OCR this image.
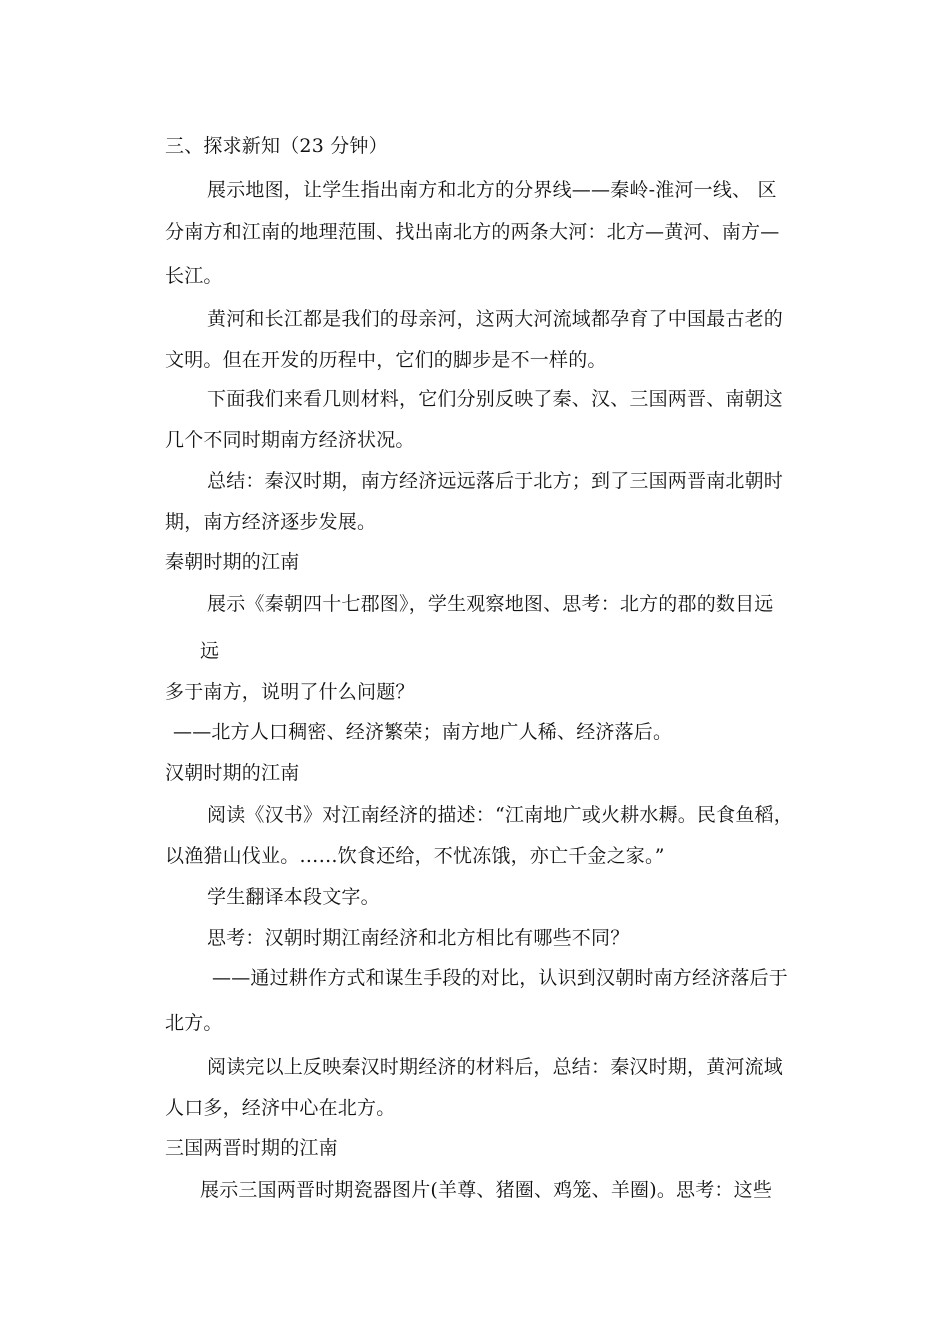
三、探求新知（23 分钟）
展示地图，让学生指出南方和北方的分界线——秦岭-淮河一线、 区
分南方和江南的地理范围、找出南北方的两条大河：北方—黄河、南方—
长江。
黄河和长江都是我们的母亲河，这两大河流域都孕育了中国最古老的
文明。但在开发的历程中，它们的脚步是不一样的。
下面我们来看几则材料，它们分别反映了秦、汉、三国两晋、南朝这
几个不同时期南方经济状况。
总结：秦汉时期，南方经济远远落后于北方；到了三国两晋南北朝时
期，南方经济逐步发展。
秦朝时期的江南
展示《秦朝四十七郡图》，学生观察地图、思考：北方的郡的数目远
远
多于南方，说明了什么问题？
——北方人口稠密、经济繁荣；南方地广人稀、经济落后。
汉朝时期的江南
阅读《汉书》对江南经济的描述：“江南地广或火耕水耨。民食鱼稻，
以渔猎山伐业。……饮食还给，不忧冻饿，亦亡千金之家。”
学生翻译本段文字。
思考：汉朝时期江南经济和北方相比有哪些不同？
——通过耕作方式和谋生手段的对比，认识到汉朝时南方经济落后于
北方。
阅读完以上反映秦汉时期经济的材料后，总结：秦汉时期，黄河流域
人口多，经济中心在北方。
三国两晋时期的江南
展示三国两晋时期瓷器图片(羊尊、猪圈、鸡笼、羊圈)。思考：这些
